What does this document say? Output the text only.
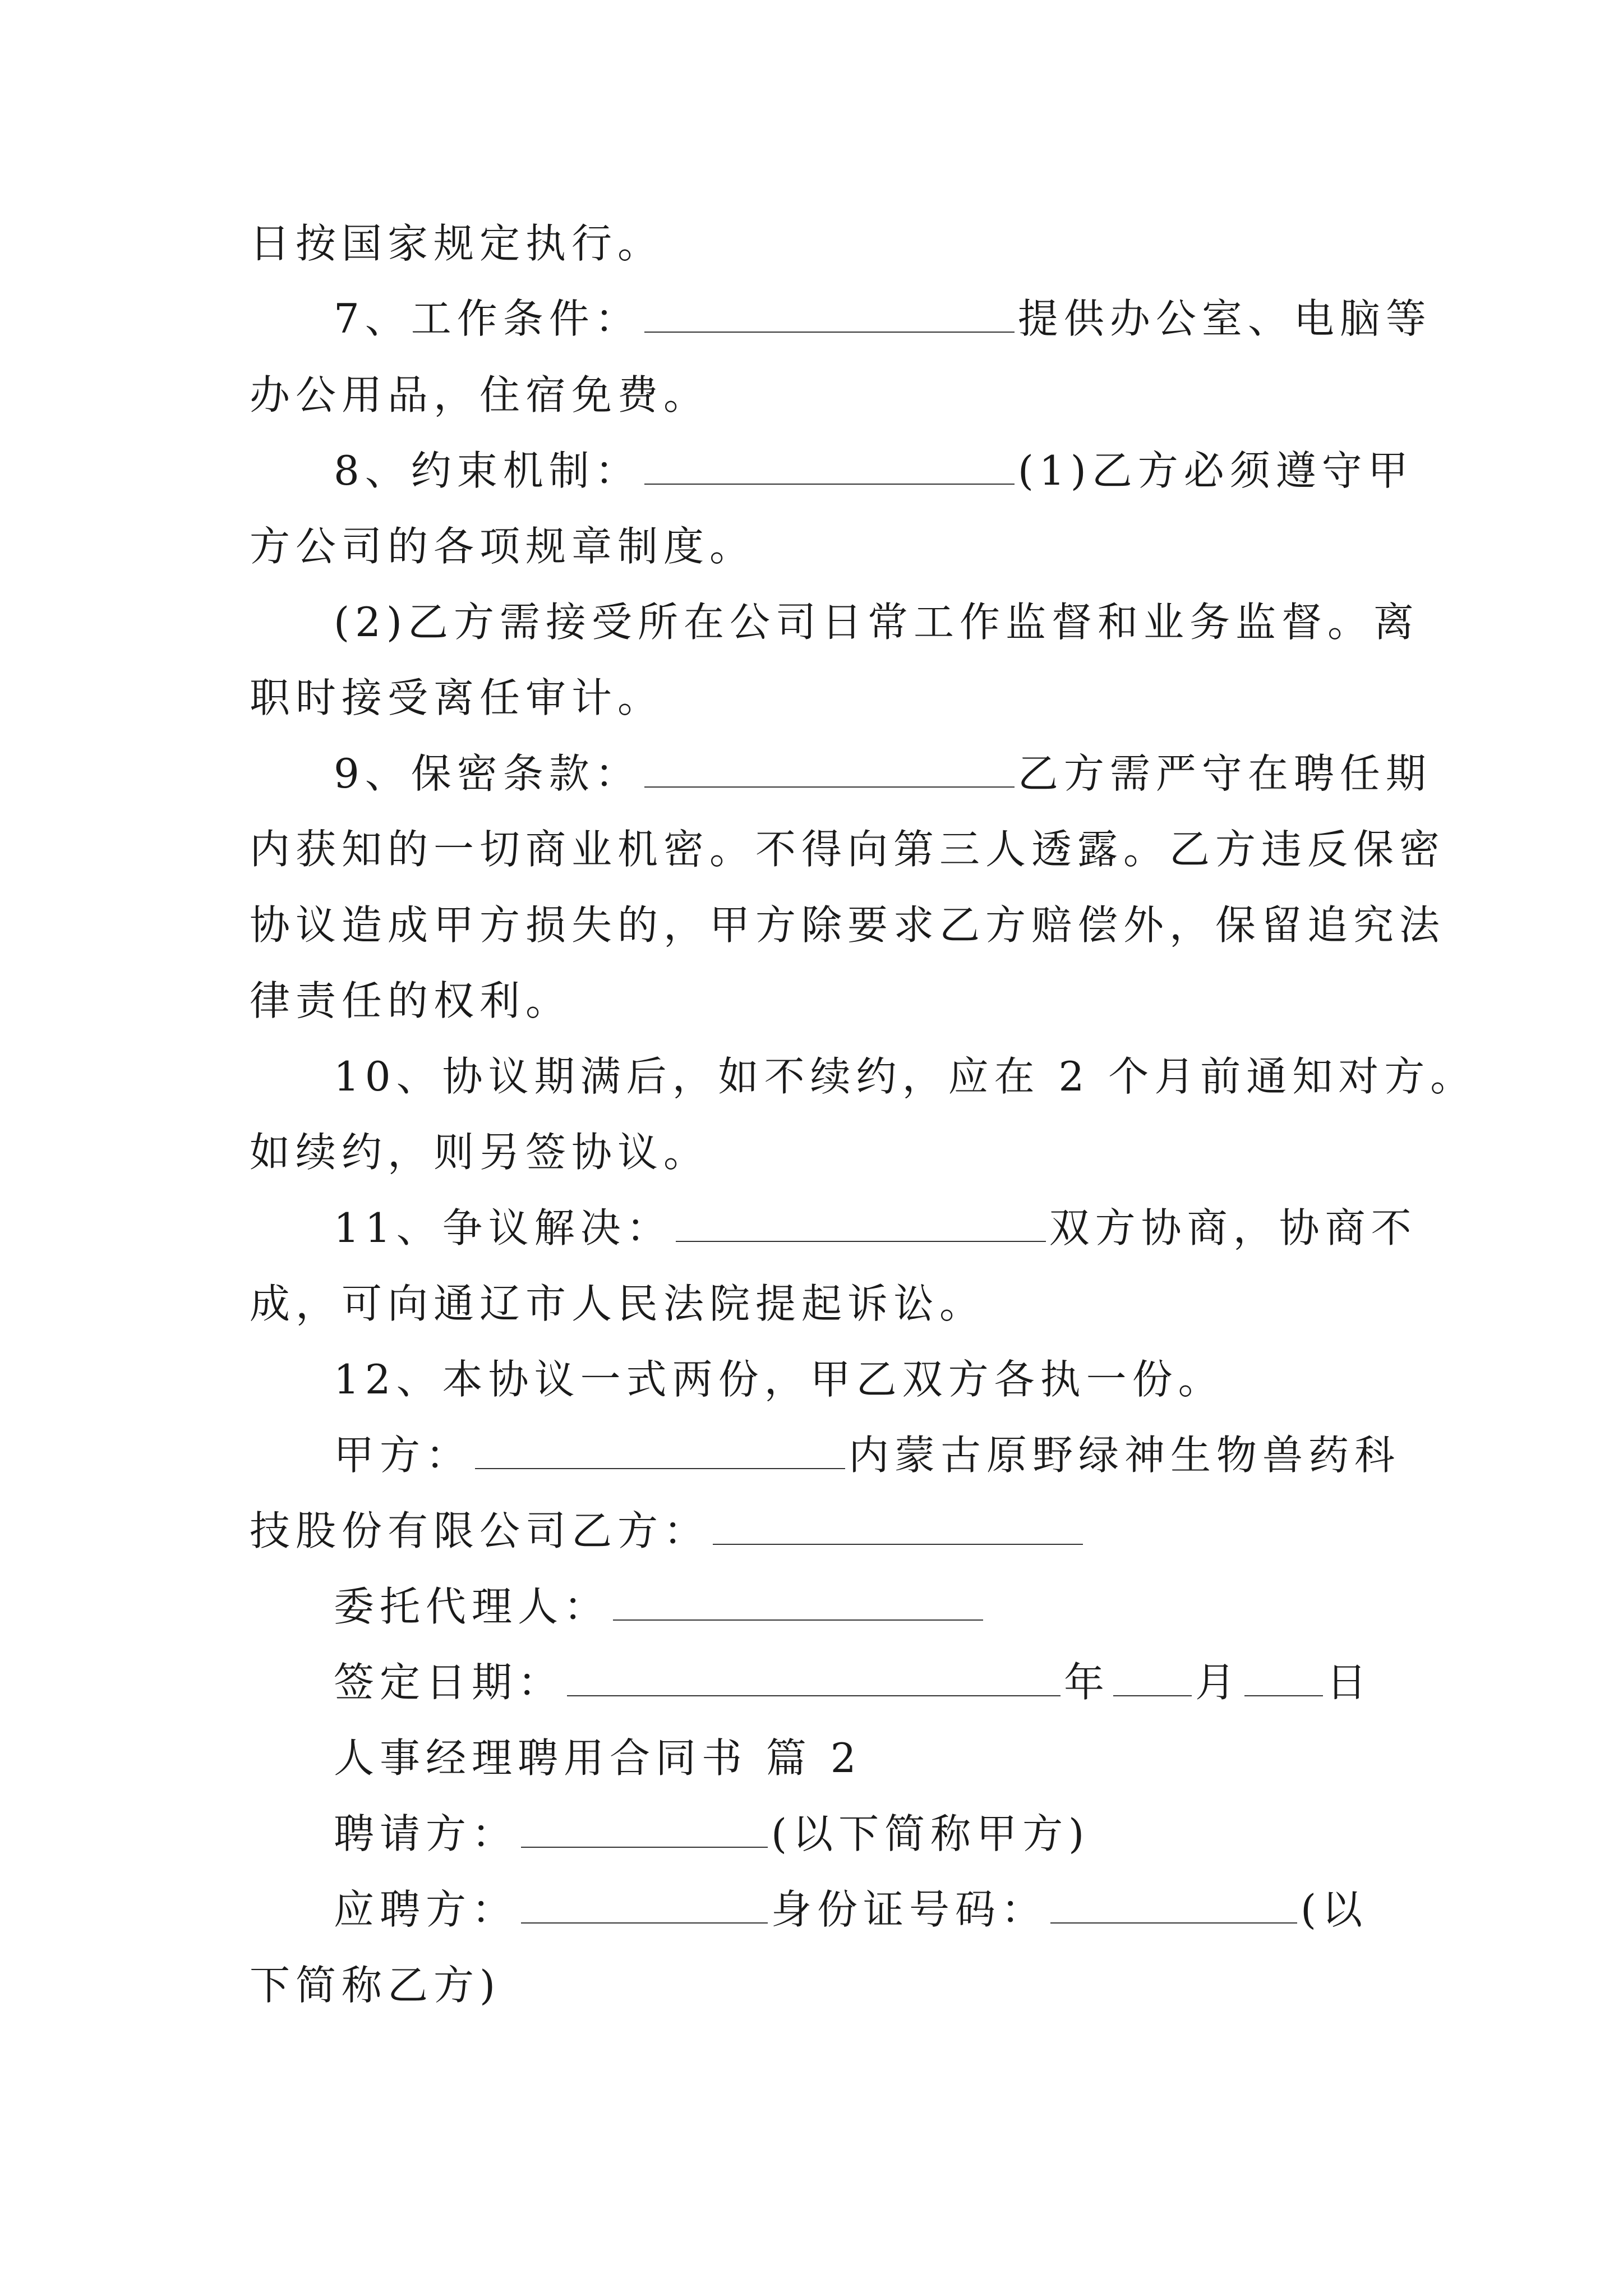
日按国家规定执行。
7、工作条件：	提供办公室、电脑等
办公用品，住宿免费。
8、约束机制：	(1)乙方必须遵守甲
方公司的各项规章制度。
(2)乙方需接受所在公司日常工作监督和业务监督。离
职时接受离任审计。
9、保密条款：	乙方需严守在聘任期
内获知的一切商业机密。不得向第三人透露。乙方违反保密
协议造成甲方损失的，甲方除要求乙方赔偿外，保留追究法
律责任的权利。
10、协议期满后，如不续约，应在 2 个月前通知对方。
如续约，则另签协议。
11、争议解决：	双方协商，协商不
成，可向通辽市人民法院提起诉讼。
12、本协议一式两份，甲乙双方各执一份。
甲方：	内蒙古原野绿神生物兽药科
技股份有限公司乙方：
委托代理人：
签定日期：	年 月 日
人事经理聘用合同书 篇 2
聘请方：	(以下简称甲方)
应聘方：	身份证号码：	(以
下简称乙方)
